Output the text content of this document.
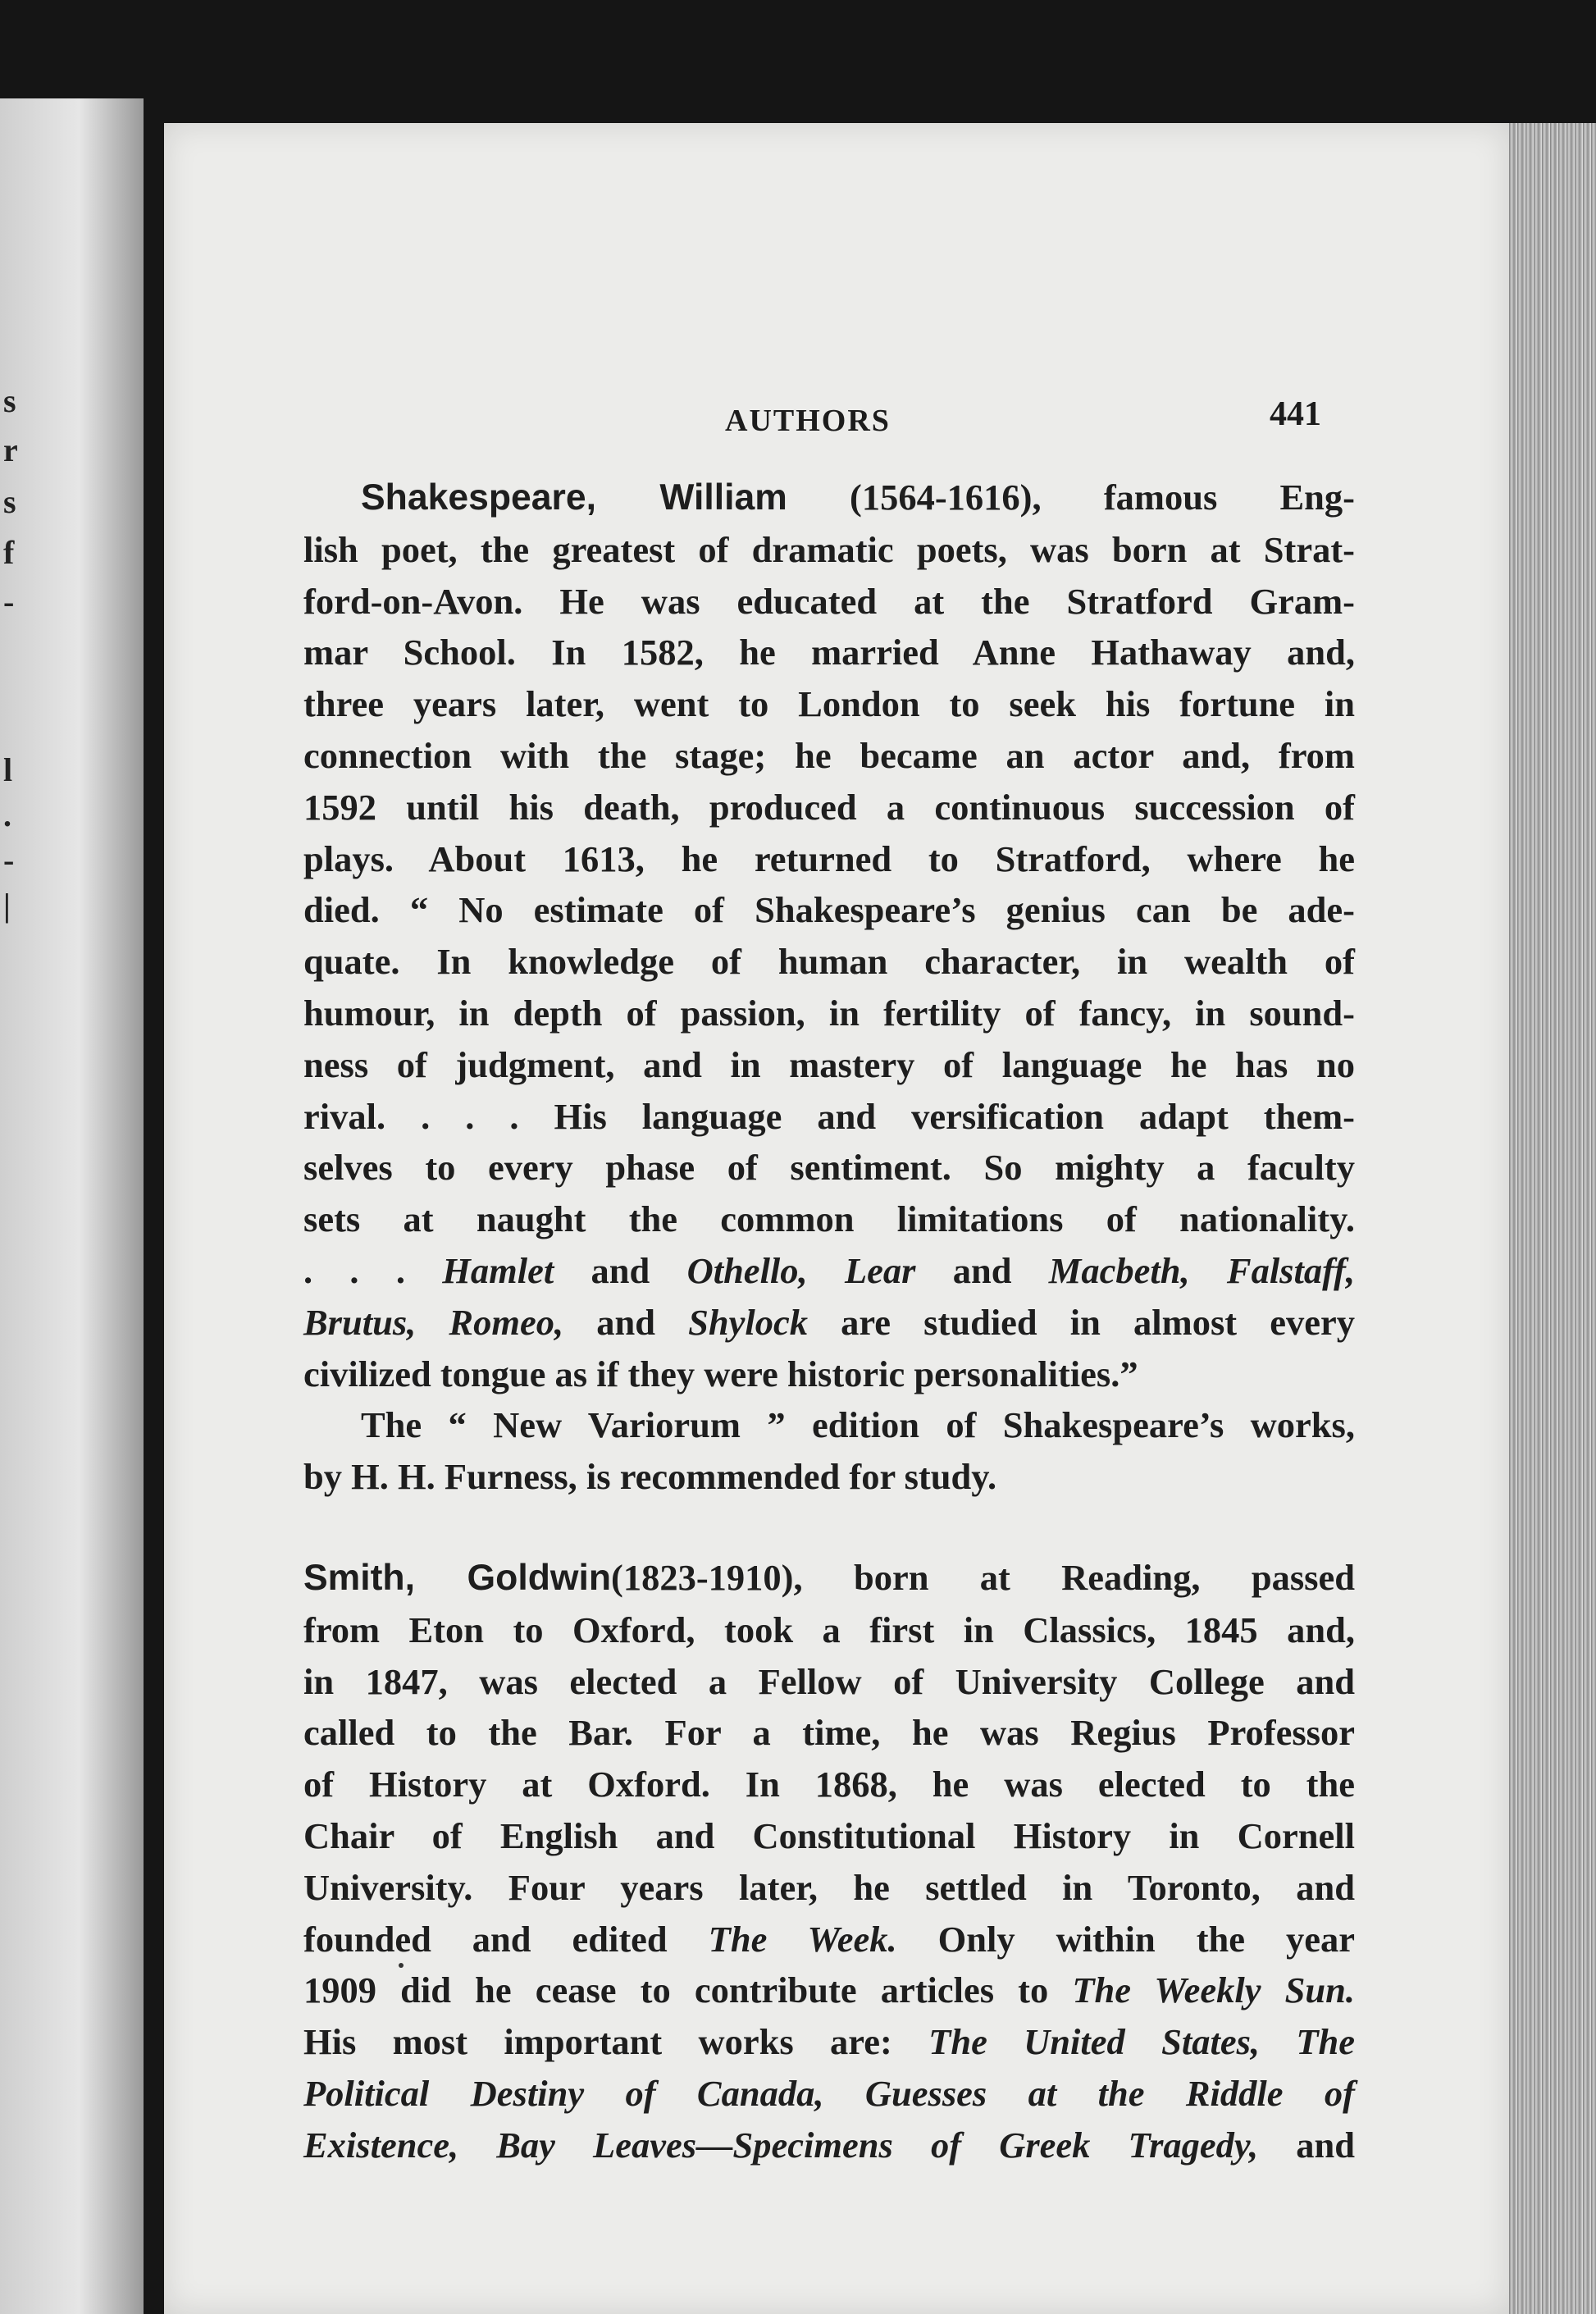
s
r
s
f
-
l
.
-
|
AUTHORS	441
Shakespeare, William (1564-1616), famous Eng-
lish poet, the greatest of dramatic poets, was born at Strat-
ford-on-Avon. He was educated at the Stratford Gram-
mar School. In 1582, he married Anne Hathaway and,
three years later, went to London to seek his fortune in
connection with the stage; he became an actor and, from
1592 until his death, produced a continuous succession of
plays. About 1613, he returned to Stratford, where he
died. “ No estimate of Shakespeare’s genius can be ade-
quate. In knowledge of human character, in wealth of
humour, in depth of passion, in fertility of fancy, in sound-
ness of judgment, and in mastery of language he has no
rival. . . . His language and versification adapt them-
selves to every phase of sentiment. So mighty a faculty
sets at naught the common limitations of nationality.
. . . Hamlet and Othello, Lear and Macbeth, Falstaff,
Brutus, Romeo, and Shylock are studied in almost every
civilized tongue as if they were historic personalities.”
The “ New Variorum ” edition of Shakespeare’s works,
by H. H. Furness, is recommended for study.
Smith, Goldwin(1823-1910), born at Reading, passed
from Eton to Oxford, took a first in Classics, 1845 and,
in 1847, was elected a Fellow of University College and
called to the Bar. For a time, he was Regius Professor
of History at Oxford. In 1868, he was elected to the
Chair of English and Constitutional History in Cornell
University. Four years later, he settled in Toronto, and
founded and edited The Week. Only within the year
1909 did he cease to contribute articles to The Weekly Sun.
His most important works are: The United States, The
Political Destiny of Canada, Guesses at the Riddle of
Existence, Bay Leaves—Specimens of Greek Tragedy, and
